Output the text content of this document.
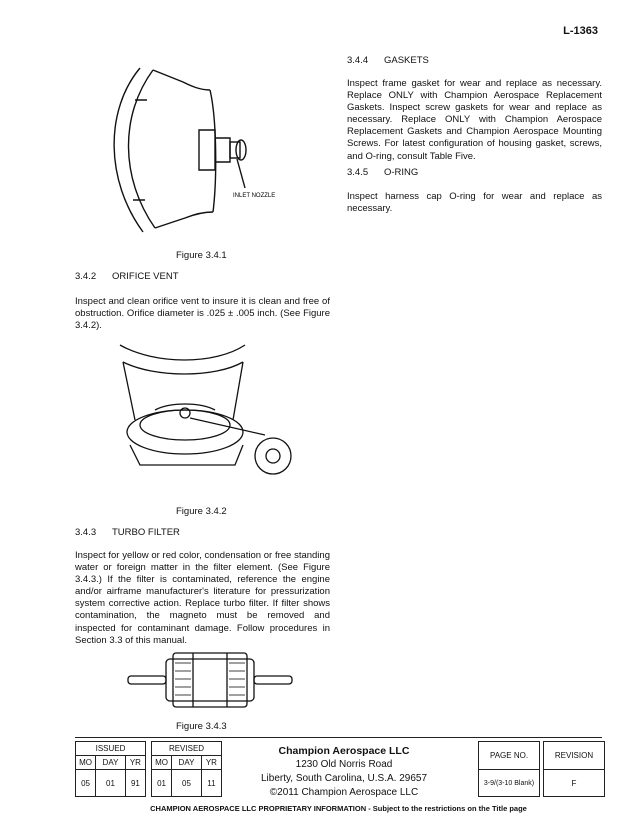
L-1363
INLET NOZZLE
Figure 3.4.1
3.4.2 ORIFICE VENT
Inspect and clean orifice vent to insure it is clean and free of obstruction. Orifice diameter is .025 ± .005 inch. (See Figure 3.4.2).
Figure 3.4.2
3.4.3 TURBO FILTER
Inspect for yellow or red color, condensation or free standing water or foreign matter in the filter element. (See Figure 3.4.3.) If the filter is contaminated, reference the engine and/or airframe manufacturer's literature for pressurization system corrective action. Replace turbo filter. If filter shows contamination, the magneto must be removed and inspected for contaminant damage. Follow procedures in Section 3.3 of this manual.
Figure 3.4.3
3.4.4 GASKETS
Inspect frame gasket for wear and replace as necessary. Replace ONLY with Champion Aerospace Replacement Gaskets. Inspect screw gaskets for wear and replace as necessary. Replace ONLY with Champion Aerospace Replacement Gaskets and Champion Aerospace Mounting Screws. For latest configuration of housing gasket, screws, and O-ring, consult Table Five.
3.4.5 O-RING
Inspect harness cap O-ring for wear and replace as necessary.
ISSUED				REVISED		
MO	DAY	YR		MO	DAY	YR
05	01	91		01	05	11
Champion Aerospace LLC
1230 Old Norris Road
Liberty, South Carolina, U.S.A. 29657
©2011 Champion Aerospace LLC
PAGE NO.		REVISION
3-9/(3-10 Blank)		F
CHAMPION AEROSPACE LLC PROPRIETARY INFORMATION - Subject to the restrictions on the Title page
